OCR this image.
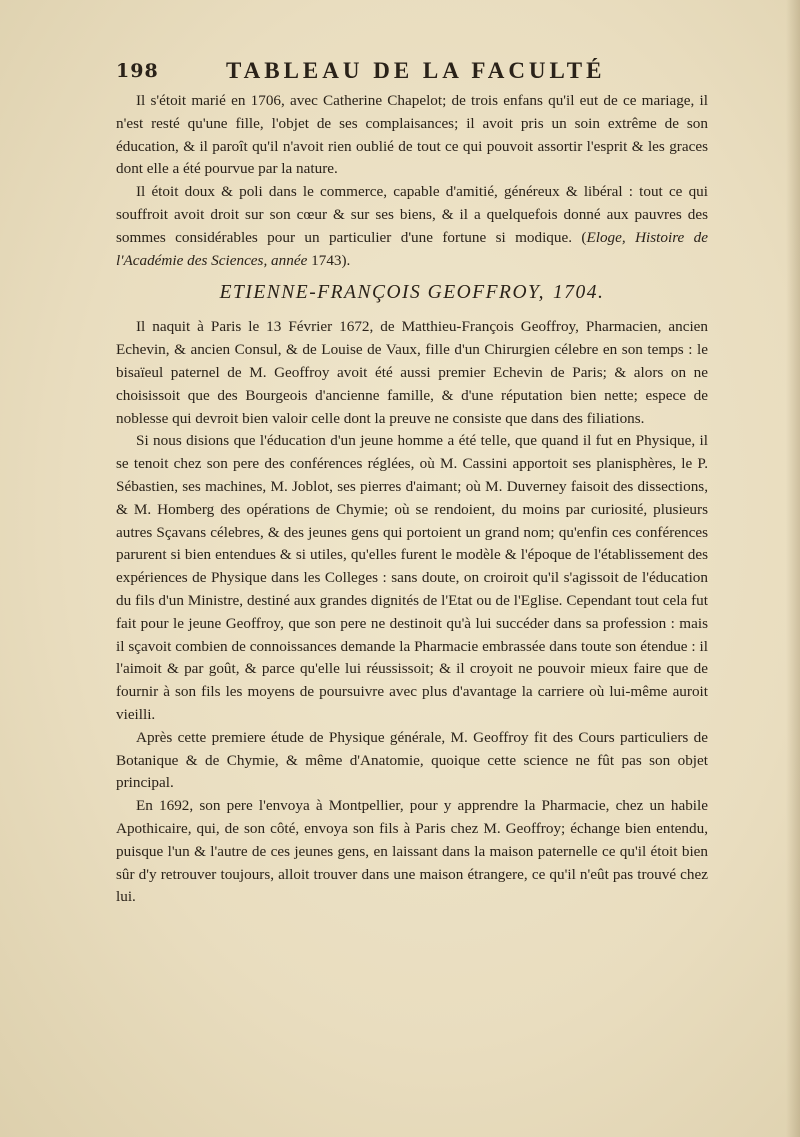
198	TABLEAU DE LA FACULTÉ

Il s'étoit marié en 1706, avec Catherine Chapelot; de trois enfans qu'il eut de ce mariage, il n'est resté qu'une fille, l'objet de ses complaisances; il avoit pris un soin extrême de son éducation, & il paroît qu'il n'avoit rien oublié de tout ce qui pouvoit assortir l'esprit & les graces dont elle a été pourvue par la nature.

Il étoit doux & poli dans le commerce, capable d'amitié, généreux & libéral : tout ce qui souffroit avoit droit sur son cœur & sur ses biens, & il a quelquefois donné aux pauvres des sommes considérables pour un particulier d'une fortune si modique. (Eloge, Histoire de l'Académie des Sciences, année 1743).

ETIENNE-FRANÇOIS GEOFFROY, 1704.

Il naquit à Paris le 13 Février 1672, de Matthieu-François Geoffroy, Pharmacien, ancien Echevin, & ancien Consul, & de Louise de Vaux, fille d'un Chirurgien célebre en son temps : le bisaïeul paternel de M. Geoffroy avoit été aussi premier Echevin de Paris; & alors on ne choisissoit que des Bourgeois d'ancienne famille, & d'une réputation bien nette; espece de noblesse qui devroit bien valoir celle dont la preuve ne consiste que dans des filiations.

Si nous disions que l'éducation d'un jeune homme a été telle, que quand il fut en Physique, il se tenoit chez son pere des conférences réglées, où M. Cassini apportoit ses planisphères, le P. Sébastien, ses machines, M. Joblot, ses pierres d'aimant; où M. Duverney faisoit des dissections, & M. Homberg des opérations de Chymie; où se rendoient, du moins par curiosité, plusieurs autres Sçavans célebres, & des jeunes gens qui portoient un grand nom; qu'enfin ces conférences parurent si bien entendues & si utiles, qu'elles furent le modèle & l'époque de l'établissement des expériences de Physique dans les Colleges : sans doute, on croiroit qu'il s'agissoit de l'éducation du fils d'un Ministre, destiné aux grandes dignités de l'Etat ou de l'Eglise. Cependant tout cela fut fait pour le jeune Geoffroy, que son pere ne destinoit qu'à lui succéder dans sa profession : mais il sçavoit combien de connoissances demande la Pharmacie embrassée dans toute son étendue : il l'aimoit & par goût, & parce qu'elle lui réussissoit; & il croyoit ne pouvoir mieux faire que de fournir à son fils les moyens de poursuivre avec plus d'avantage la carriere où lui-même auroit vieilli.

Après cette premiere étude de Physique générale, M. Geoffroy fit des Cours particuliers de Botanique & de Chymie, & même d'Anatomie, quoique cette science ne fût pas son objet principal.

En 1692, son pere l'envoya à Montpellier, pour y apprendre la Pharmacie, chez un habile Apothicaire, qui, de son côté, envoya son fils à Paris chez M. Geoffroy; échange bien entendu, puisque l'un & l'autre de ces jeunes gens, en laissant dans la maison paternelle ce qu'il étoit bien sûr d'y retrouver toujours, alloit trouver dans une maison étrangere, ce qu'il n'eût pas trouvé chez lui.
